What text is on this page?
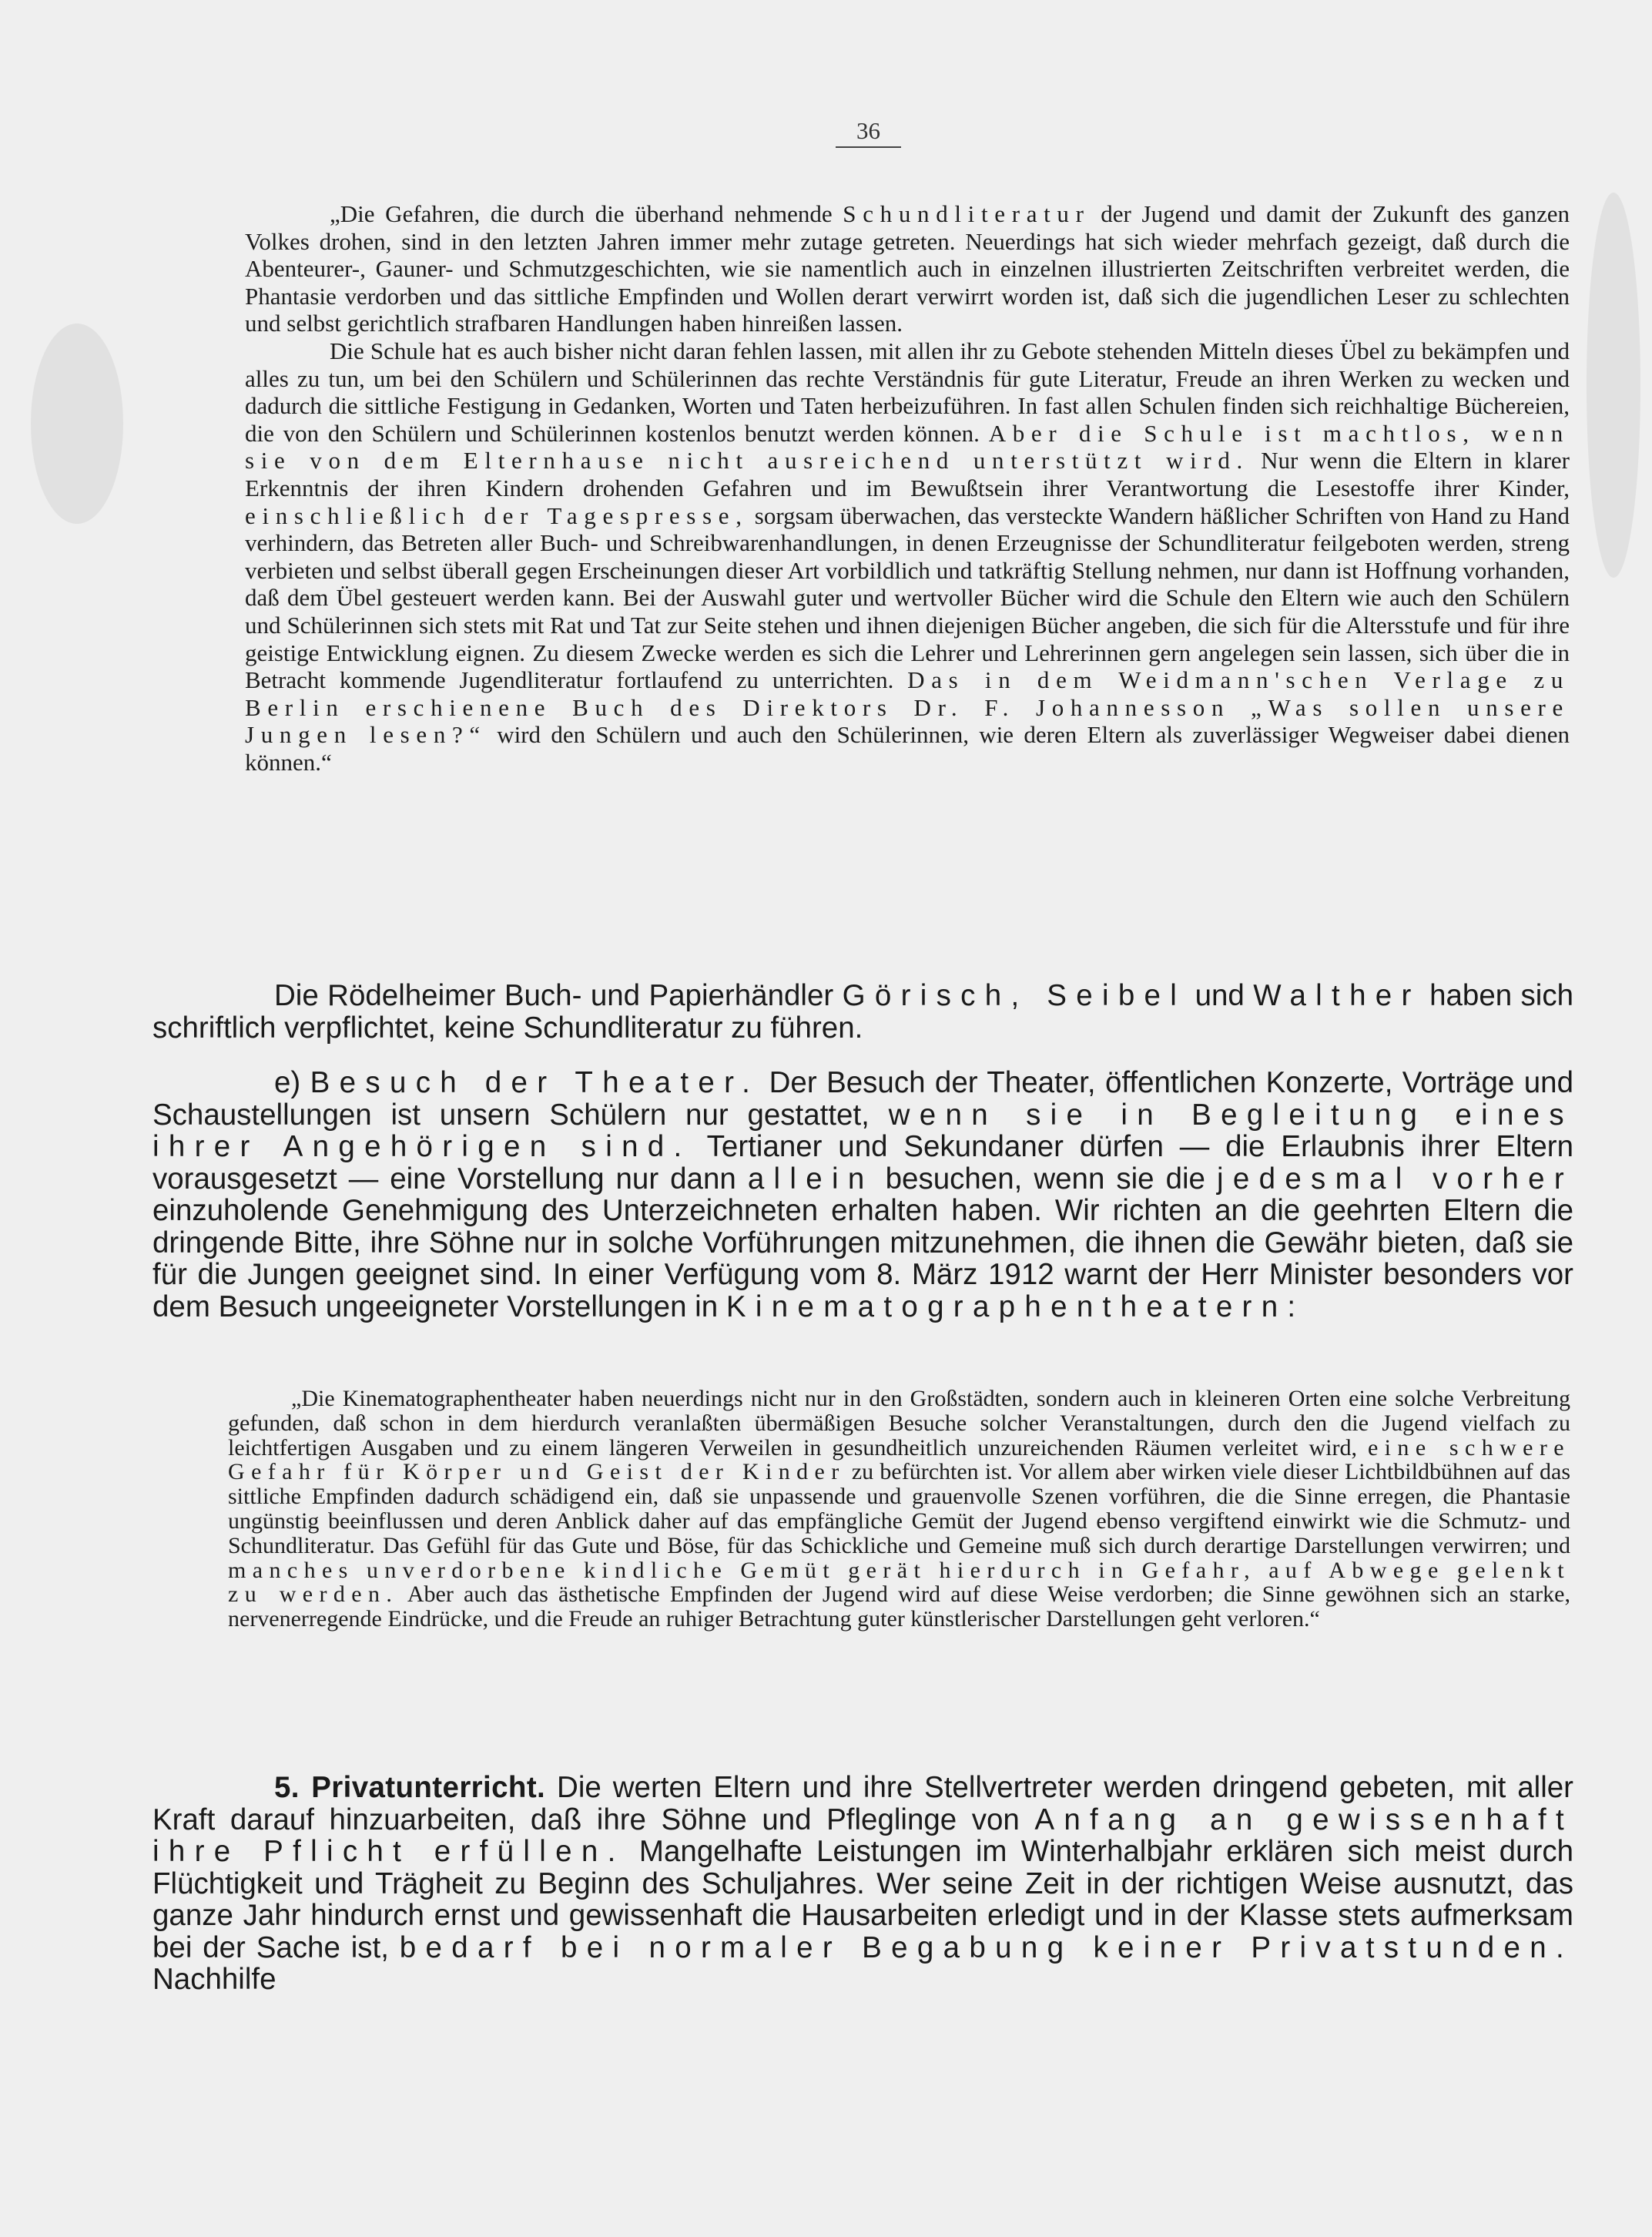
36

„Die Gefahren, die durch die überhand nehmende Schundliteratur der Jugend und damit der Zukunft des ganzen Volkes drohen, sind in den letzten Jahren immer mehr zutage getreten. Neuerdings hat sich wieder mehrfach gezeigt, daß durch die Abenteurer-, Gauner- und Schmutzgeschichten, wie sie namentlich auch in einzelnen illustrierten Zeitschriften verbreitet werden, die Phantasie verdorben und das sittliche Empfinden und Wollen derart verwirrt worden ist, daß sich die jugendlichen Leser zu schlechten und selbst gerichtlich strafbaren Handlungen haben hinreißen lassen.

Die Schule hat es auch bisher nicht daran fehlen lassen, mit allen ihr zu Gebote stehenden Mitteln dieses Übel zu bekämpfen und alles zu tun, um bei den Schülern und Schülerinnen das rechte Verständnis für gute Literatur, Freude an ihren Werken zu wecken und dadurch die sittliche Festigung in Gedanken, Worten und Taten herbeizuführen. In fast allen Schulen finden sich reichhaltige Büchereien, die von den Schülern und Schülerinnen kostenlos benutzt werden können. Aber die Schule ist machtlos, wenn sie von dem Elternhause nicht ausreichend unterstützt wird. Nur wenn die Eltern in klarer Erkenntnis der ihren Kindern drohenden Gefahren und im Bewußtsein ihrer Verantwortung die Lesestoffe ihrer Kinder, einschließlich der Tagespresse, sorgsam überwachen, das versteckte Wandern häßlicher Schriften von Hand zu Hand verhindern, das Betreten aller Buch- und Schreibwarenhandlungen, in denen Erzeugnisse der Schundliteratur feilgeboten werden, streng verbieten und selbst überall gegen Erscheinungen dieser Art vorbildlich und tatkräftig Stellung nehmen, nur dann ist Hoffnung vorhanden, daß dem Übel gesteuert werden kann. Bei der Auswahl guter und wertvoller Bücher wird die Schule den Eltern wie auch den Schülern und Schülerinnen sich stets mit Rat und Tat zur Seite stehen und ihnen diejenigen Bücher angeben, die sich für die Altersstufe und für ihre geistige Entwicklung eignen. Zu diesem Zwecke werden es sich die Lehrer und Lehrerinnen gern angelegen sein lassen, sich über die in Betracht kommende Jugendliteratur fortlaufend zu unterrichten. Das in dem Weidmann'schen Verlage zu Berlin erschienene Buch des Direktors Dr. F. Johannesson „Was sollen unsere Jungen lesen?“ wird den Schülern und auch den Schülerinnen, wie deren Eltern als zuverlässiger Wegweiser dabei dienen können.“

Die Rödelheimer Buch- und Papierhändler Görisch, Seibel und Walther haben sich schriftlich verpflichtet, keine Schundliteratur zu führen.

e) Besuch der Theater. Der Besuch der Theater, öffentlichen Konzerte, Vorträge und Schaustellungen ist unsern Schülern nur gestattet, wenn sie in Begleitung eines ihrer Angehörigen sind. Tertianer und Sekundaner dürfen — die Erlaubnis ihrer Eltern vorausgesetzt — eine Vorstellung nur dann allein besuchen, wenn sie die jedesmal vorher einzuholende Genehmigung des Unterzeichneten erhalten haben. Wir richten an die geehrten Eltern die dringende Bitte, ihre Söhne nur in solche Vorführungen mitzunehmen, die ihnen die Gewähr bieten, daß sie für die Jungen geeignet sind. In einer Verfügung vom 8. März 1912 warnt der Herr Minister besonders vor dem Besuch ungeeigneter Vorstellungen in Kinematographentheatern:

„Die Kinematographentheater haben neuerdings nicht nur in den Großstädten, sondern auch in kleineren Orten eine solche Verbreitung gefunden, daß schon in dem hierdurch veranlaßten übermäßigen Besuche solcher Veranstaltungen, durch den die Jugend vielfach zu leichtfertigen Ausgaben und zu einem längeren Verweilen in gesundheitlich unzureichenden Räumen verleitet wird, eine schwere Gefahr für Körper und Geist der Kinder zu befürchten ist. Vor allem aber wirken viele dieser Lichtbildbühnen auf das sittliche Empfinden dadurch schädigend ein, daß sie unpassende und grauenvolle Szenen vorführen, die die Sinne erregen, die Phantasie ungünstig beeinflussen und deren Anblick daher auf das empfängliche Gemüt der Jugend ebenso vergiftend einwirkt wie die Schmutz- und Schundliteratur. Das Gefühl für das Gute und Böse, für das Schickliche und Gemeine muß sich durch derartige Darstellungen verwirren; und manches unverdorbene kindliche Gemüt gerät hierdurch in Gefahr, auf Abwege gelenkt zu werden. Aber auch das ästhetische Empfinden der Jugend wird auf diese Weise verdorben; die Sinne gewöhnen sich an starke, nervenerregende Eindrücke, und die Freude an ruhiger Betrachtung guter künstlerischer Darstellungen geht verloren.“

5. Privatunterricht. Die werten Eltern und ihre Stellvertreter werden dringend gebeten, mit aller Kraft darauf hinzuarbeiten, daß ihre Söhne und Pfleglinge von Anfang an gewissenhaft ihre Pflicht erfüllen. Mangelhafte Leistungen im Winterhalbjahr erklären sich meist durch Flüchtigkeit und Trägheit zu Beginn des Schuljahres. Wer seine Zeit in der richtigen Weise ausnutzt, das ganze Jahr hindurch ernst und gewissenhaft die Hausarbeiten erledigt und in der Klasse stets aufmerksam bei der Sache ist, bedarf bei normaler Begabung keiner Privatstunden. Nachhilfe
